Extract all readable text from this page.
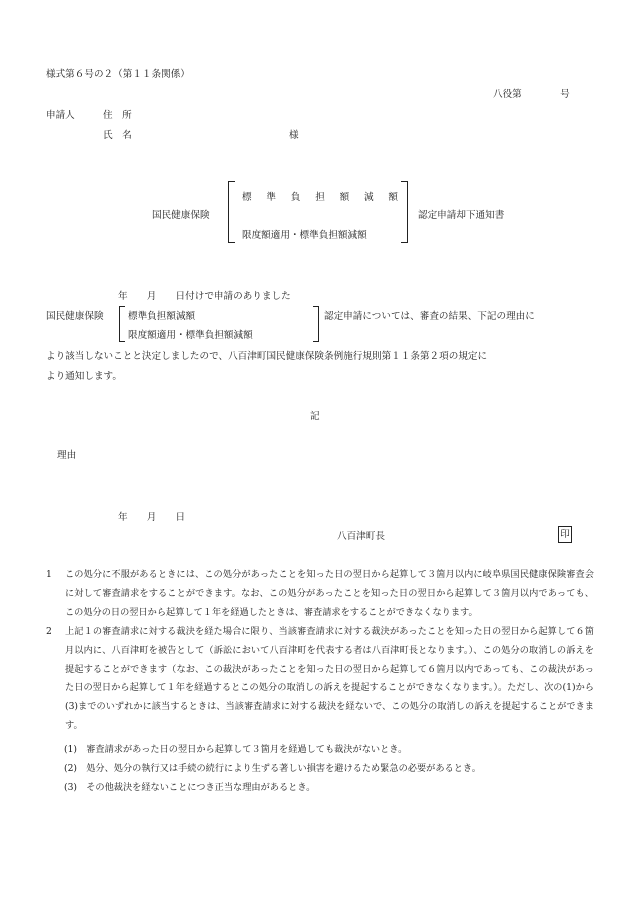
様式第６号の２（第１１条関係）
八役第　　　　号
申請人	住　所
氏　名	様
国民健康保険
標　準　負　担　額　減　額
限度額適用・標準負担額減額
認定申請却下通知書
年　　月　　日付けで申請のありました
国民健康保険	標準負担額減額
限度額適用・標準負担額減額
認定申請については、審査の結果、下記の理由に
より該当しないことと決定しましたので、八百津町国民健康保険条例施行規則第１１条第２項の規定に
より通知します。
記
理由
年　　月　　日
八百津町長	印
1	この処分に不服があるときには、この処分があったことを知った日の翌日から起算して３箇月以内に岐阜県国民健康保険審査会に対して審査請求をすることができます。なお、この処分があったことを知った日の翌日から起算して３箇月以内であっても、この処分の日の翌日から起算して１年を経過したときは、審査請求をすることができなくなります。
2	上記１の審査請求に対する裁決を経た場合に限り、当該審査請求に対する裁決があったことを知った日の翌日から起算して６箇月以内に、八百津町を被告として（訴訟において八百津町を代表する者は八百津町長となります。）、この処分の取消しの訴えを提起することができます（なお、この裁決があったことを知った日の翌日から起算して６箇月以内であっても、この裁決があった日の翌日から起算して１年を経過するとこの処分の取消しの訴えを提起することができなくなります。）。ただし、次の(1)から(3)までのいずれかに該当するときは、当該審査請求に対する裁決を経ないで、この処分の取消しの訴えを提起することができます。
(1)　審査請求があった日の翌日から起算して３箇月を経過しても裁決がないとき。
(2)　処分、処分の執行又は手続の続行により生ずる著しい損害を避けるため緊急の必要があるとき。
(3)　その他裁決を経ないことにつき正当な理由があるとき。
